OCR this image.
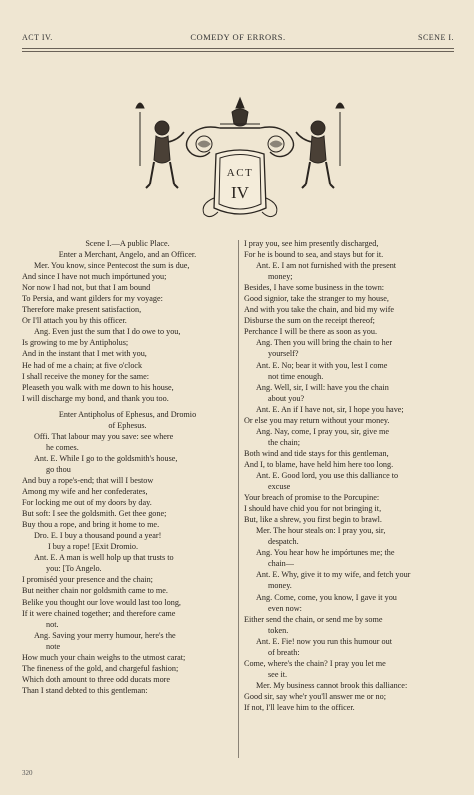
ACT IV.	COMEDY OF ERRORS.	SCENE I.
ACT
IV
Scene I.—A public Place.
Enter a Merchant, Angelo, and an Officer.
Mer. You know, since Pentecost the sum is due,
And since I have not much impórtuned you;
Nor now I had not, but that I am bound
To Persia, and want gilders for my voyage:
Therefore make present satisfaction,
Or I'll attach you by this officer.
Ang. Even just the sum that I do owe to you,
Is growing to me by Antipholus;
And in the instant that I met with you,
He had of me a chain; at five o'clock
I shall receive the money for the same:
Pleaseth you walk with me down to his house,
I will discharge my bond, and thank you too.
Enter Antipholus of Ephesus, and Dromio
of Ephesus.
Offi. That labour may you save: see where
he comes.
Ant. E. While I go to the goldsmith's house,
go thou
And buy a rope's-end; that will I bestow
Among my wife and her confederates,
For locking me out of my doors by day.
But soft: I see the goldsmith. Get thee gone;
Buy thou a rope, and bring it home to me.
Dro. E. I buy a thousand pound a year!
I buy a rope! [Exit Dromio.
Ant. E. A man is well holp up that trusts to
you: [To Angelo.
I promiséd your presence and the chain;
But neither chain nor goldsmith came to me.
Belike you thought our love would last too long,
If it were chained together; and therefore came
not.
Ang. Saving your merry humour, here's the
note
How much your chain weighs to the utmost carat;
The fineness of the gold, and chargeful fashion;
Which doth amount to three odd ducats more
Than I stand debted to this gentleman:
I pray you, see him presently discharged,
For he is bound to sea, and stays but for it.
Ant. E. I am not furnished with the present
money;
Besides, I have some business in the town:
Good signior, take the stranger to my house,
And with you take the chain, and bid my wife
Disburse the sum on the receipt thereof;
Perchance I will be there as soon as you.
Ang. Then you will bring the chain to her
yourself?
Ant. E. No; bear it with you, lest I come
not time enough.
Ang. Well, sir, I will: have you the chain
about you?
Ant. E. An if I have not, sir, I hope you have;
Or else you may return without your money.
Ang. Nay, come, I pray you, sir, give me
the chain;
Both wind and tide stays for this gentleman,
And I, to blame, have held him here too long.
Ant. E. Good lord, you use this dalliance to
excuse
Your breach of promise to the Porcupine:
I should have chid you for not bringing it,
But, like a shrew, you first begin to brawl.
Mer. The hour steals on: I pray you, sir,
despatch.
Ang. You hear how he impórtunes me; the
chain—
Ant. E. Why, give it to my wife, and fetch your
money.
Ang. Come, come, you know, I gave it you
even now:
Either send the chain, or send me by some
token.
Ant. E. Fie! now you run this humour out
of breath:
Come, where's the chain? I pray you let me
see it.
Mer. My business cannot brook this dalliance:
Good sir, say whe'r you'll answer me or no;
If not, I'll leave him to the officer.
320
